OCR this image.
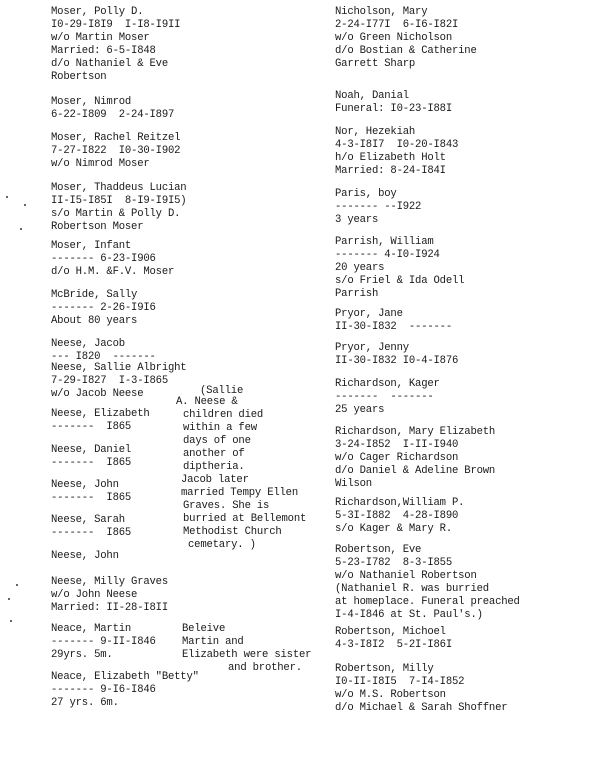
Moser, Polly D.
I0-29-I8I9  I-I8-I9II
w/o Martin Moser
Married: 6-5-I848
d/o Nathaniel & Eve
Robertson
Moser, Nimrod
6-22-I809  2-24-I897
Moser, Rachel Reitzel
7-27-I822  I0-30-I902
w/o Nimrod Moser
Moser, Thaddeus Lucian
II-I5-I85I  8-I9-I9I5)
s/o Martin & Polly D.
Robertson Moser
Moser, Infant
------- 6-23-I906
d/o H.M. &F.V. Moser
McBride, Sally
------- 2-26-I9I6
About 80 years
Neese, Jacob
--- I820  -------
Neese, Sallie Albright
7-29-I827  I-3-I865
w/o Jacob Neese
Neese, Elizabeth
-------  I865
Neese, Daniel
-------  I865
Neese, John
-------  I865
Neese, Sarah
-------  I865
Neese, John
Neese, Milly Graves
w/o John Neese
Married: II-28-I8II
Neace, Martin
------- 9-II-I846
29yrs. 5m.
Neace, Elizabeth "Betty"
------- 9-I6-I846
27 yrs. 6m.
Nicholson, Mary
2-24-I77I  6-I6-I82I
w/o Green Nicholson
d/o Bostian & Catherine
Garrett Sharp
Noah, Danial
Funeral: I0-23-I88I
Nor, Hezekiah
4-3-I8I7  I0-20-I843
h/o Elizabeth Holt
Married: 8-24-I84I
Paris, boy
------- --I922
3 years
Parrish, William
------- 4-I0-I924
20 years
s/o Friel & Ida Odell
Parrish
Pryor, Jane
II-30-I832  -------
Pryor, Jenny
II-30-I832 I0-4-I876
Richardson, Kager
-------  -------
25 years
Richardson, Mary Elizabeth
3-24-I852  I-II-I940
w/o Cager Richardson
d/o Daniel & Adeline Brown
Wilson
Richardson,William P.
5-3I-I882  4-28-I890
s/o Kager & Mary R.
Robertson, Eve
5-23-I782  8-3-I855
w/o Nathaniel Robertson
(Nathaniel R. was burried
at homeplace. Funeral preached
I-4-I846 at St. Paul's.)
Robertson, Michoel
4-3-I8I2  5-2I-I86I
Robertson, Milly
I0-II-I8I5  7-I4-I852
w/o M.S. Robertson
d/o Michael & Sarah Shoffner
(Sallie
A. Neese &
children died
within a few
days of one
another of
diptheria.
Jacob later
married Tempy Ellen
Graves. She is
burried at Bellemont
Methodist Church
cemetary. )
Beleive
Martin and
Elizabeth were sister
and brother.
